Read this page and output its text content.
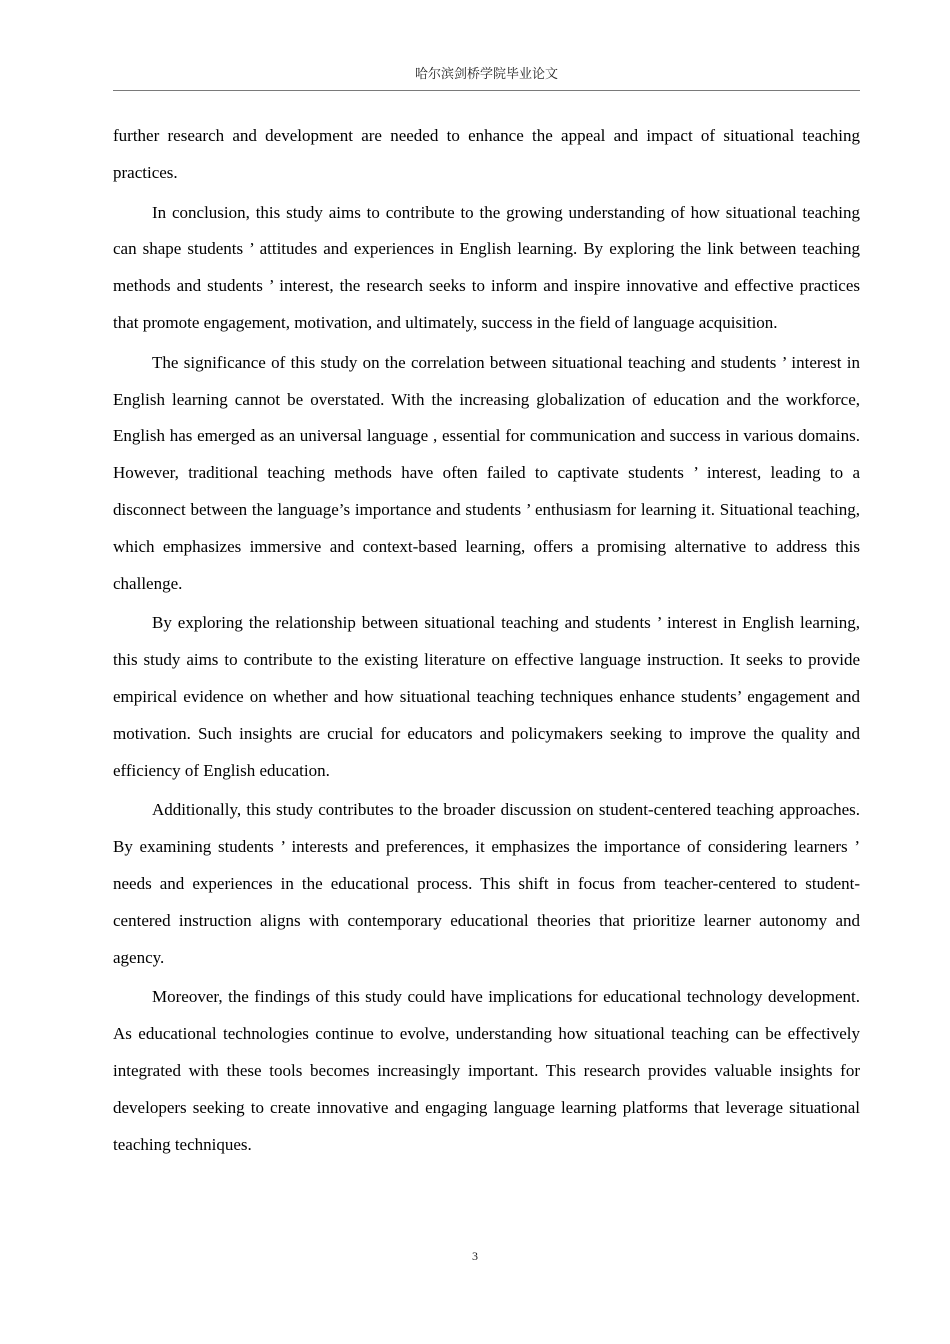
哈尔滨剑桥学院毕业论文

further research and development are needed to enhance the appeal and impact of situational teaching practices.

In conclusion, this study aims to contribute to the growing understanding of how situational teaching can shape students ’ attitudes and experiences in English learning. By exploring the link between teaching methods and students ’ interest, the research seeks to inform and inspire innovative and effective practices that promote engagement, motivation, and ultimately, success in the field of language acquisition.

The significance of this study on the correlation between situational teaching and students ’ interest in English learning cannot be overstated. With the increasing globalization of education and the workforce, English has emerged as an universal language , essential for communication and success in various domains. However, traditional teaching methods have often failed to captivate students ’ interest, leading to a disconnect between the language’s importance and students ’ enthusiasm for learning it. Situational teaching, which emphasizes immersive and context-based learning, offers a promising alternative to address this challenge.

By exploring the relationship between situational teaching and students ’ interest in English learning, this study aims to contribute to the existing literature on effective language instruction. It seeks to provide empirical evidence on whether and how situational teaching techniques enhance students’ engagement and motivation. Such insights are crucial for educators and policymakers seeking to improve the quality and efficiency of English education.

Additionally, this study contributes to the broader discussion on student-centered teaching approaches. By examining students ’ interests and preferences, it emphasizes the importance of considering learners ’ needs and experiences in the educational process. This shift in focus from teacher-centered to student-centered instruction aligns with contemporary educational theories that prioritize learner autonomy and agency.

Moreover, the findings of this study could have implications for educational technology development. As educational technologies continue to evolve, understanding how situational teaching can be effectively integrated with these tools becomes increasingly important. This research provides valuable insights for developers seeking to create innovative and engaging language learning platforms that leverage situational teaching techniques.

3
